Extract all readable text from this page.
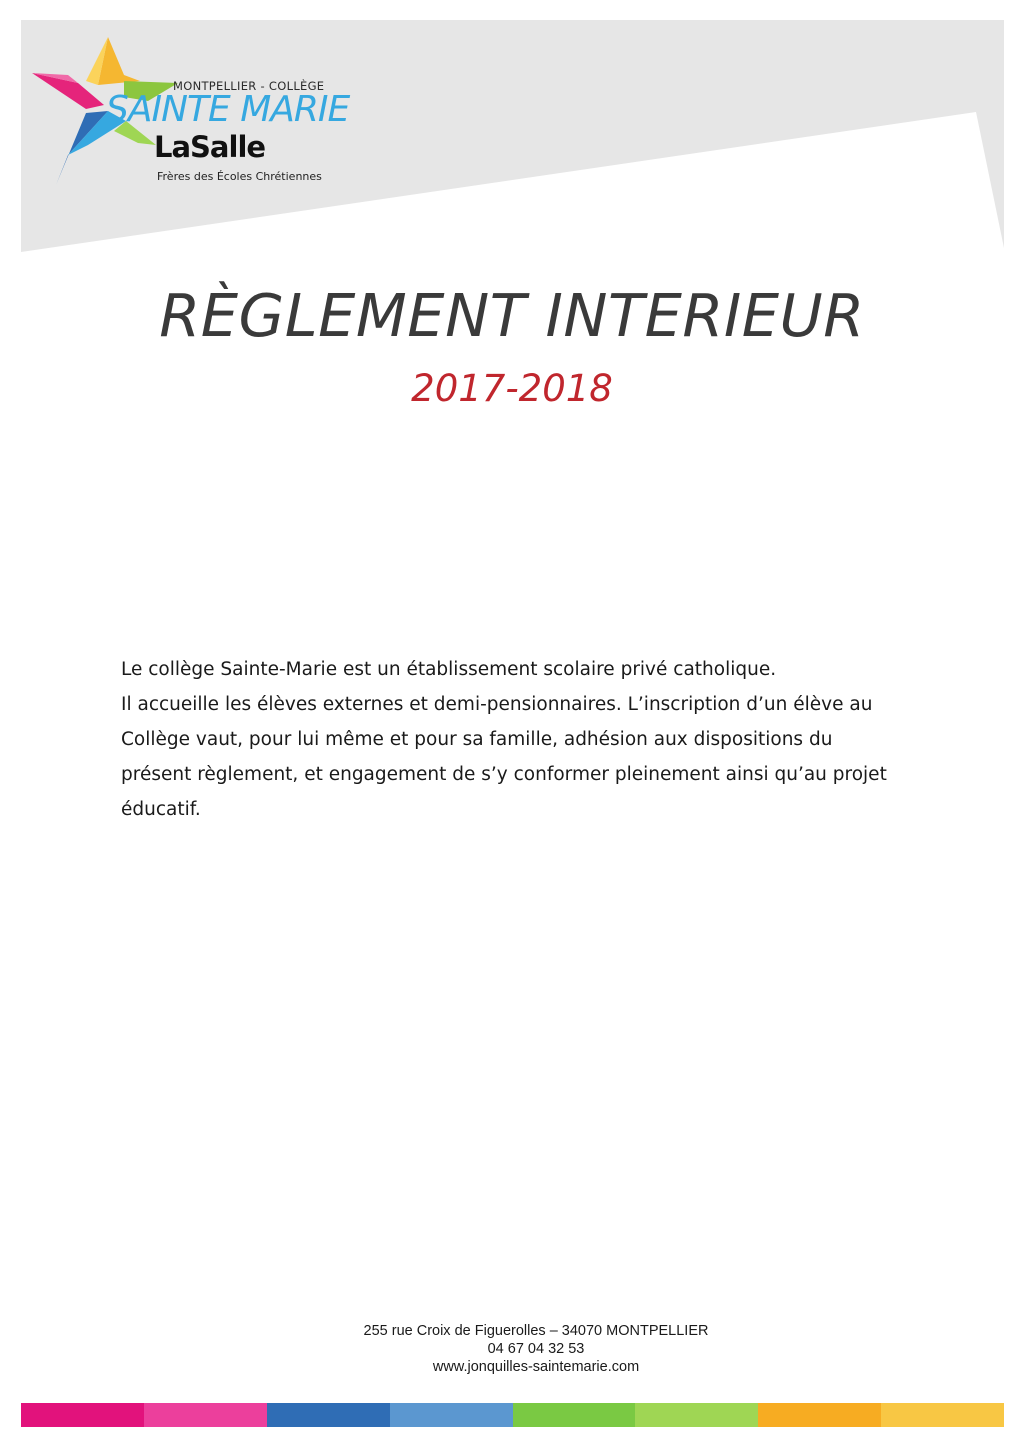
MONTPELLIER - COLLÈGE
SAINTE MARIE
LaSalle
Frères des Écoles Chrétiennes
RÈGLEMENT INTERIEUR
2017-2018

Le collège Sainte-Marie est un établissement scolaire privé catholique.

Il accueille les élèves externes et demi-pensionnaires. L’inscription d’un élève au

Collège vaut, pour lui même et pour sa famille, adhésion aux dispositions du

présent règlement, et engagement de s’y conformer pleinement ainsi qu’au projet

éducatif.

255 rue Croix de Figuerolles – 34070 MONTPELLIER
04 67 04 32 53
www.jonquilles-saintemarie.com
